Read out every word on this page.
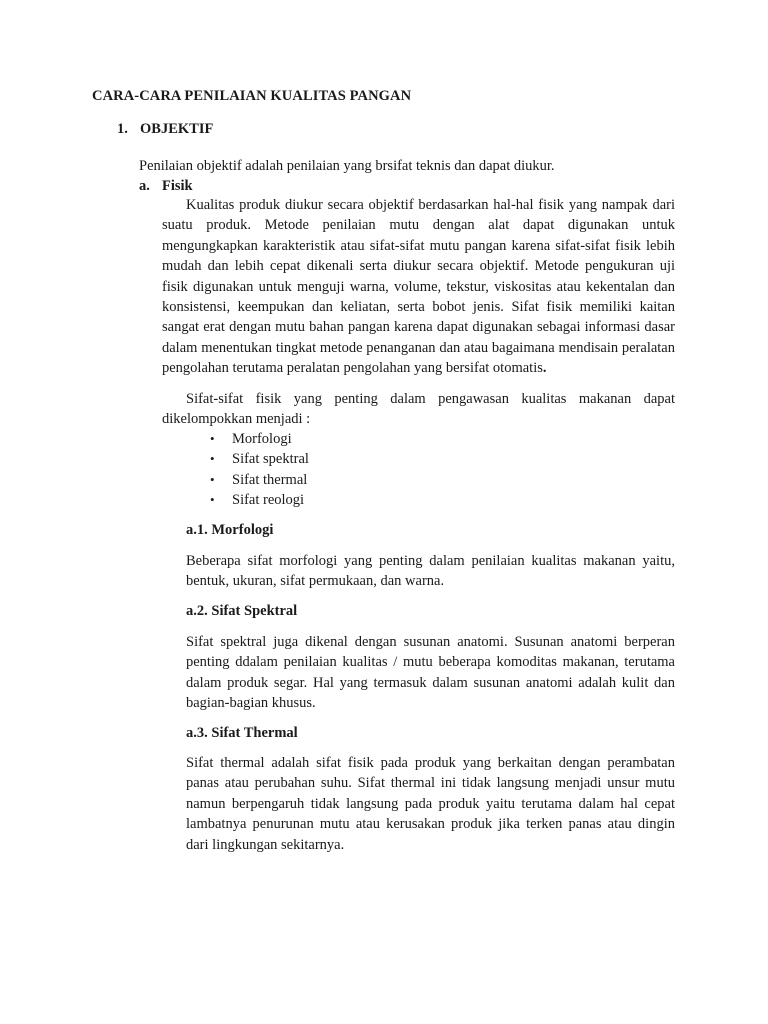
CARA-CARA PENILAIAN KUALITAS PANGAN
1. OBJEKTIF
Penilaian objektif adalah penilaian yang brsifat teknis dan dapat diukur.
a. Fisik

Kualitas produk diukur secara objektif berdasarkan hal-hal fisik yang nampak dari suatu produk. Metode penilaian mutu dengan alat dapat digunakan untuk mengungkapkan karakteristik atau sifat-sifat mutu pangan karena sifat-sifat fisik lebih mudah dan lebih cepat dikenali serta diukur secara objektif. Metode pengukuran uji fisik digunakan untuk menguji warna, volume, tekstur, viskositas atau kekentalan dan konsistensi, keempukan dan keliatan, serta bobot jenis. Sifat fisik memiliki kaitan sangat erat dengan mutu bahan pangan karena dapat digunakan sebagai informasi dasar dalam menentukan tingkat metode penanganan dan atau bagaimana mendisain peralatan pengolahan terutama peralatan pengolahan yang bersifat otomatis.

Sifat-sifat fisik yang penting dalam pengawasan kualitas makanan dapat dikelompokkan menjadi :

• Morfologi
• Sifat spektral
• Sifat thermal
• Sifat reologi
a.1. Morfologi

Beberapa sifat morfologi yang penting dalam penilaian kualitas makanan yaitu, bentuk, ukuran, sifat permukaan, dan warna.

a.2. Sifat Spektral

Sifat spektral juga dikenal dengan susunan anatomi. Susunan anatomi berperan penting ddalam penilaian kualitas / mutu beberapa komoditas makanan, terutama dalam produk segar. Hal yang termasuk dalam susunan anatomi adalah kulit dan bagian-bagian khusus.

a.3. Sifat Thermal

Sifat thermal adalah sifat fisik pada produk yang berkaitan dengan perambatan panas atau perubahan suhu. Sifat thermal ini tidak langsung menjadi unsur mutu namun berpengaruh tidak langsung pada produk yaitu terutama dalam hal cepat lambatnya penurunan mutu atau kerusakan produk jika terken panas atau dingin dari lingkungan sekitarnya.
